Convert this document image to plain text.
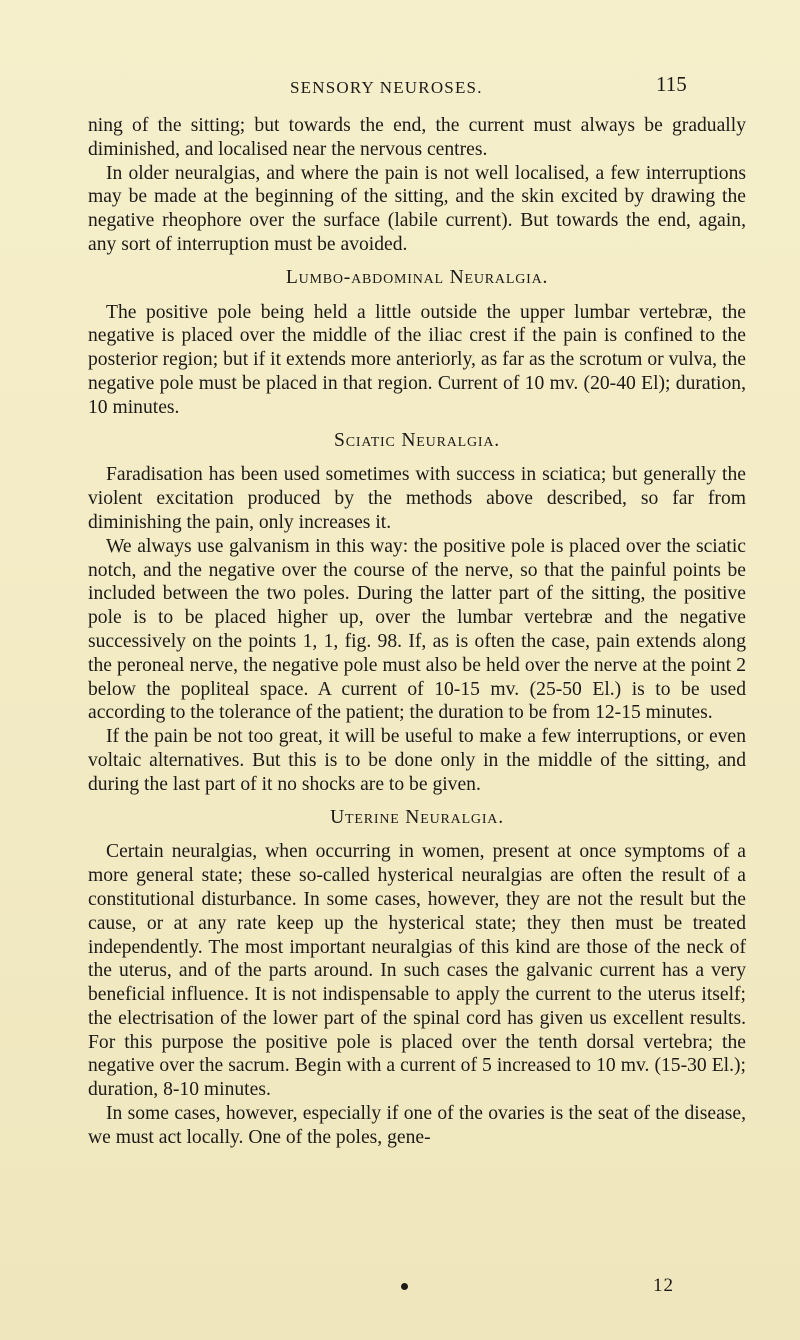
SENSORY NEUROSES.	115

ning of the sitting; but towards the end, the current must always be gradually diminished, and localised near the nervous centres.

In older neuralgias, and where the pain is not well localised, a few interruptions may be made at the beginning of the sitting, and the skin excited by drawing the negative rheophore over the surface (labile current). But towards the end, again, any sort of interruption must be avoided.

Lumbo-abdominal Neuralgia.

The positive pole being held a little outside the upper lumbar vertebræ, the negative is placed over the middle of the iliac crest if the pain is confined to the posterior region; but if it extends more anteriorly, as far as the scrotum or vulva, the negative pole must be placed in that region. Current of 10 mv. (20-40 El); duration, 10 minutes.

Sciatic Neuralgia.

Faradisation has been used sometimes with success in sciatica; but generally the violent excitation produced by the methods above described, so far from diminishing the pain, only increases it.

We always use galvanism in this way: the positive pole is placed over the sciatic notch, and the negative over the course of the nerve, so that the painful points be included between the two poles. During the latter part of the sitting, the positive pole is to be placed higher up, over the lumbar vertebræ and the negative successively on the points 1, 1, fig. 98. If, as is often the case, pain extends along the peroneal nerve, the negative pole must also be held over the nerve at the point 2 below the popliteal space. A current of 10-15 mv. (25-50 El.) is to be used according to the tolerance of the patient; the duration to be from 12-15 minutes.

If the pain be not too great, it will be useful to make a few interruptions, or even voltaic alternatives. But this is to be done only in the middle of the sitting, and during the last part of it no shocks are to be given.

Uterine Neuralgia.

Certain neuralgias, when occurring in women, present at once symptoms of a more general state; these so-called hysterical neuralgias are often the result of a constitutional disturbance. In some cases, however, they are not the result but the cause, or at any rate keep up the hysterical state; they then must be treated independently. The most important neuralgias of this kind are those of the neck of the uterus, and of the parts around. In such cases the galvanic current has a very beneficial influence. It is not indispensable to apply the current to the uterus itself; the electrisation of the lower part of the spinal cord has given us excellent results. For this purpose the positive pole is placed over the tenth dorsal vertebra; the negative over the sacrum. Begin with a current of 5 increased to 10 mv. (15-30 El.); duration, 8-10 minutes.

In some cases, however, especially if one of the ovaries is the seat of the disease, we must act locally. One of the poles, gene-

12
